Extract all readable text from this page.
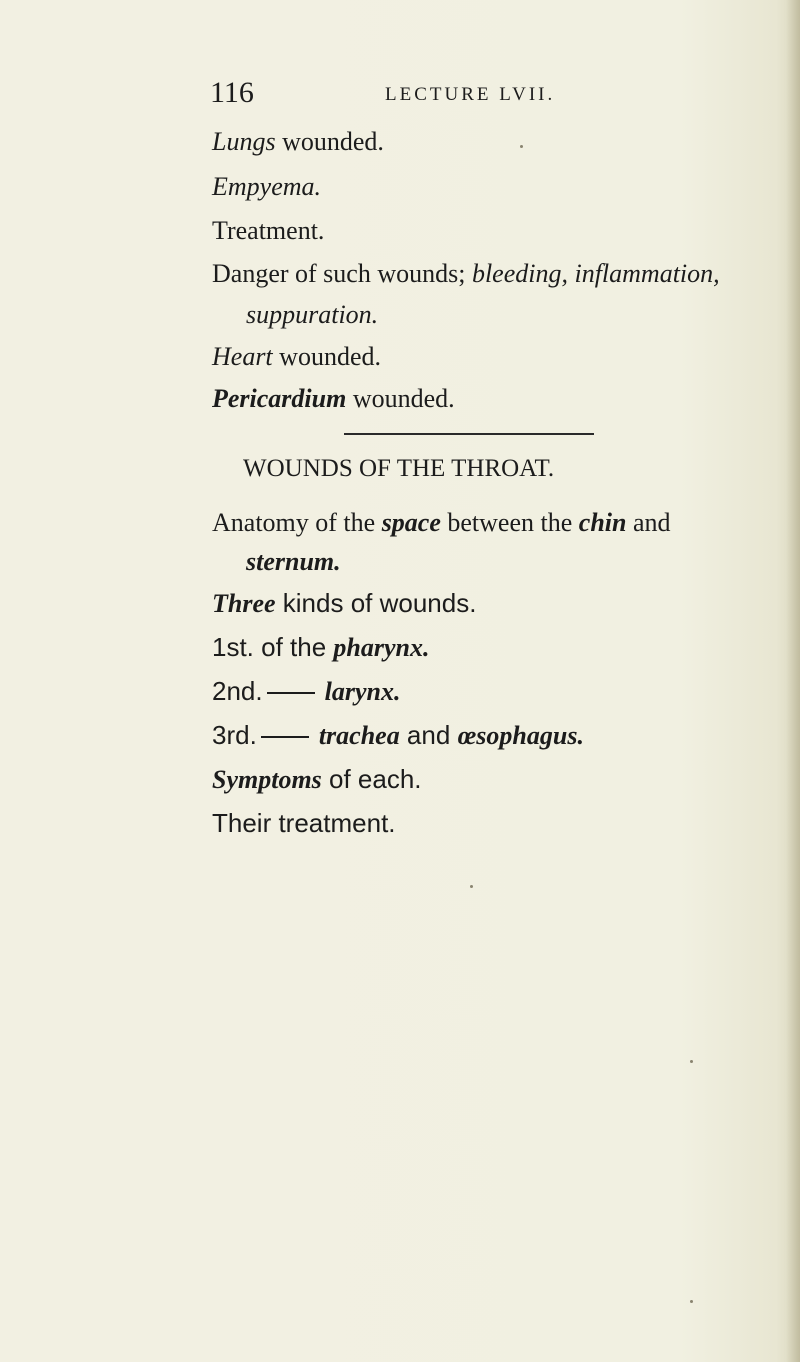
116	LECTURE LVII.
Lungs wounded.
Empyema.
Treatment.
Danger of such wounds; bleeding, inflammation,
suppuration.
Heart wounded.
Pericardium wounded.
WOUNDS OF THE THROAT.
Anatomy of the space between the chin and
sternum.
Three kinds of wounds.
1st. of the pharynx.
2nd. larynx.
3rd. trachea and œsophagus.
Symptoms of each.
Their treatment.
